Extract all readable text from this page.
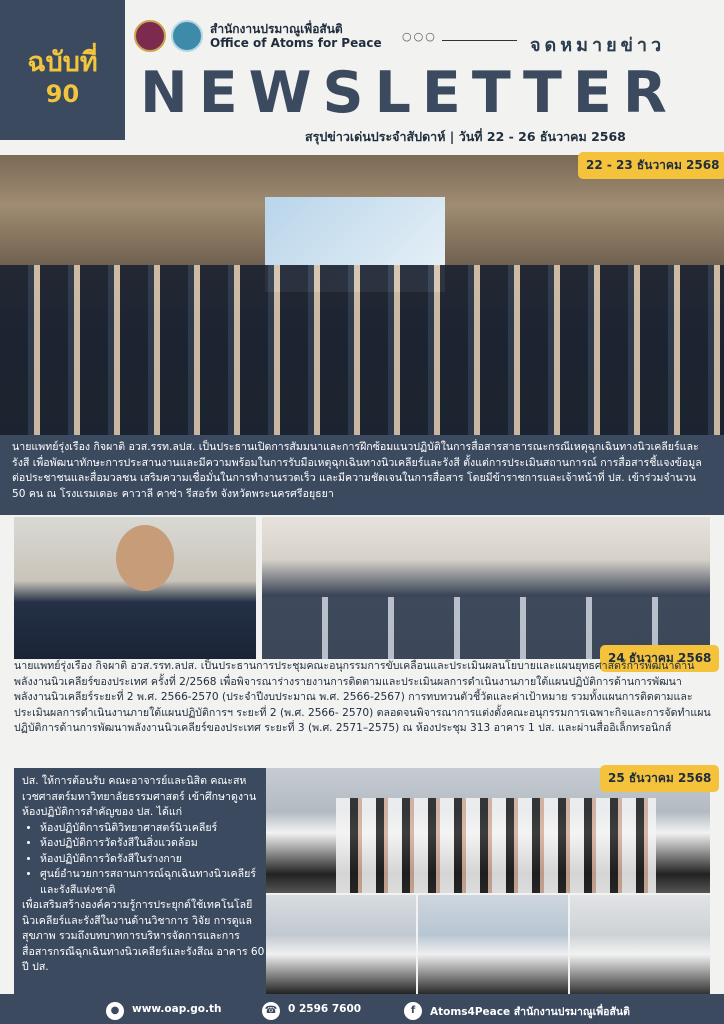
ฉบับที่
90
สำนักงานปรมาณูเพื่อสันติ
Office of Atoms for Peace ○○○	จดหมายข่าว
NEWSLETTER
สรุปข่าวเด่นประจำสัปดาห์ | วันที่ 22 - 26 ธันวาคม 2568
22 - 23 ธันวาคม 2568
นายแพทย์รุ่งเรือง กิจผาติ อวส.รรท.ลปส. เป็นประธานเปิดการสัมมนาและการฝึกซ้อมแนวปฏิบัติในการสื่อสารสาธารณะกรณีเหตุฉุกเฉินทางนิวเคลียร์และรังสี เพื่อพัฒนาทักษะการประสานงานและมีความพร้อมในการรับมือเหตุฉุกเฉินทางนิวเคลียร์และรังสี ตั้งแต่การประเมินสถานการณ์ การสื่อสารชี้แจงข้อมูลต่อประชาชนและสื่อมวลชน เสริมความเชื่อมั่นในการทำงานรวดเร็ว และมีความชัดเจนในการสื่อสาร โดยมีข้าราชการและเจ้าหน้าที่ ปส. เข้าร่วมจำนวน 50 คน ณ โรงแรมเดอะ คาวาลี คาซ่า รีสอร์ท จังหวัดพระนครศรีอยุธยา
24 ธันวาคม 2568
นายแพทย์รุ่งเรือง กิจผาติ อวส.รรท.ลปส. เป็นประธานการประชุมคณะอนุกรรมการขับเคลื่อนและประเมินผลนโยบายและแผนยุทธศาสตร์การพัฒนาด้านพลังงานนิวเคลียร์ของประเทศ ครั้งที่ 2/2568 เพื่อพิจารณาร่างรายงานการติดตามและประเมินผลการดำเนินงานภายใต้แผนปฏิบัติการด้านการพัฒนาพลังงานนิวเคลียร์ระยะที่ 2 พ.ศ. 2566-2570 (ประจำปีงบประมาณ พ.ศ. 2566-2567) การทบทวนตัวชี้วัดและค่าเป้าหมาย รวมทั้งแผนการติดตามและประเมินผลการดำเนินงานภายใต้แผนปฏิบัติการฯ ระยะที่ 2 (พ.ศ. 2566- 2570) ตลอดจนพิจารณาการแต่งตั้งคณะอนุกรรมการเฉพาะกิจและการจัดทำแผนปฏิบัติการด้านการพัฒนาพลังงานนิวเคลียร์ของประเทศ ระยะที่ 3 (พ.ศ. 2571–2575) ณ ห้องประชุม 313 อาคาร 1 ปส. และผ่านสื่ออิเล็กทรอนิกส์
ปส. ให้การต้อนรับ คณะอาจารย์และนิสิต คณะสหเวชศาสตร์มหาวิทยาลัยธรรมศาสตร์ เข้าศึกษาดูงานห้องปฏิบัติการสำคัญของ ปส. ได้แก่
• ห้องปฏิบัติการนิติวิทยาศาสตร์นิวเคลียร์
• ห้องปฏิบัติการวัดรังสีในสิ่งแวดล้อม
• ห้องปฏิบัติการวัดรังสีในร่างกาย
• ศูนย์อำนวยการสถานการณ์ฉุกเฉินทางนิวเคลียร์และรังสีแห่งชาติ
เพื่อเสริมสร้างองค์ความรู้การประยุกต์ใช้เทคโนโลยีนิวเคลียร์และรังสีในงานด้านวิชาการ วิจัย การดูแลสุขภาพ รวมถึงบทบาทการบริหารจัดการและการสื่อสารกรณีฉุกเฉินทางนิวเคลียร์และรังสีณ อาคาร 60 ปี ปส.
25 ธันวาคม 2568
●	www.oap.go.th	☎ 0 2596 7600	f	Atoms4Peace สำนักงานปรมาณูเพื่อสันติ
